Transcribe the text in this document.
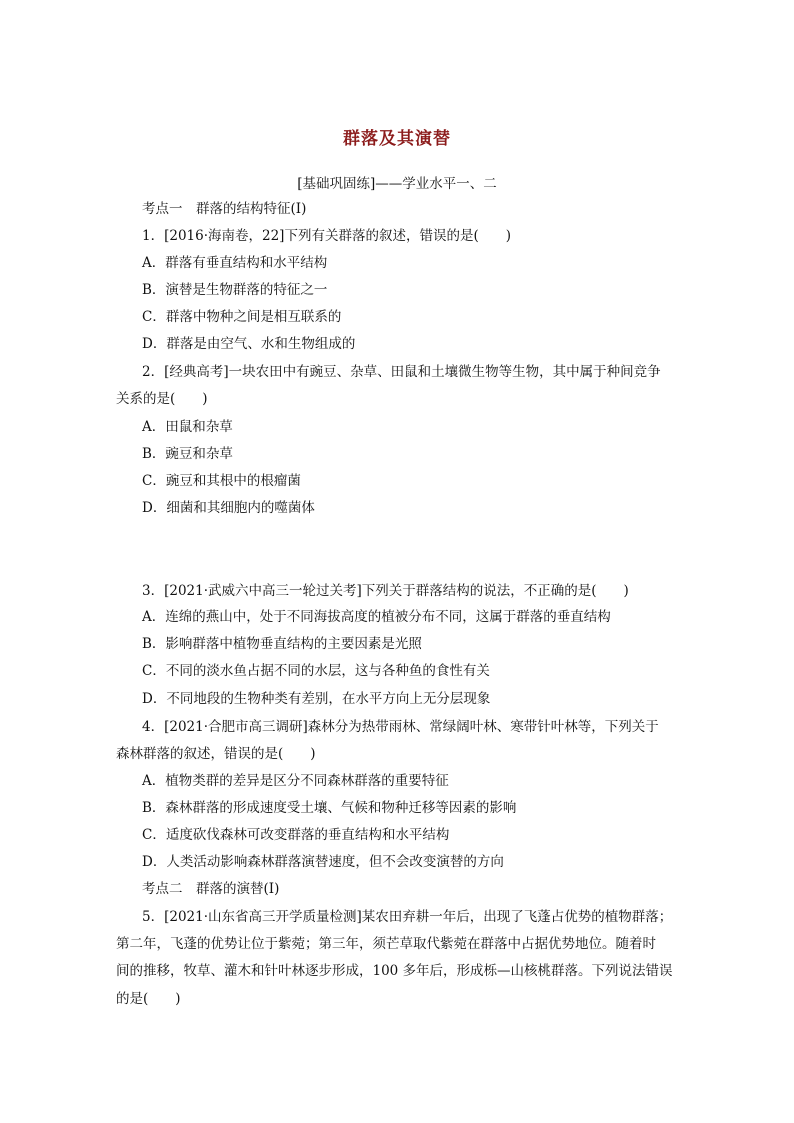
群落及其演替
[基础巩固练]——学业水平一、二
考点一　群落的结构特征(Ⅰ)
1．[2016·海南卷，22]下列有关群落的叙述，错误的是(　　)
A．群落有垂直结构和水平结构
B．演替是生物群落的特征之一
C．群落中物种之间是相互联系的
D．群落是由空气、水和生物组成的
2．[经典高考]一块农田中有豌豆、杂草、田鼠和土壤微生物等生物，其中属于种间竞争
关系的是(　　)
A．田鼠和杂草
B．豌豆和杂草
C．豌豆和其根中的根瘤菌
D．细菌和其细胞内的噬菌体
3．[2021·武威六中高三一轮过关考]下列关于群落结构的说法，不正确的是(　　)
A．连绵的燕山中，处于不同海拔高度的植被分布不同，这属于群落的垂直结构
B．影响群落中植物垂直结构的主要因素是光照
C．不同的淡水鱼占据不同的水层，这与各种鱼的食性有关
D．不同地段的生物种类有差别，在水平方向上无分层现象
4．[2021·合肥市高三调研]森林分为热带雨林、常绿阔叶林、寒带针叶林等，下列关于
森林群落的叙述，错误的是(　　)
A．植物类群的差异是区分不同森林群落的重要特征
B．森林群落的形成速度受土壤、气候和物种迁移等因素的影响
C．适度砍伐森林可改变群落的垂直结构和水平结构
D．人类活动影响森林群落演替速度，但不会改变演替的方向
考点二　群落的演替(Ⅰ)
5．[2021·山东省高三开学质量检测]某农田弃耕一年后，出现了飞蓬占优势的植物群落；
第二年，飞蓬的优势让位于紫菀；第三年，须芒草取代紫菀在群落中占据优势地位。随着时
间的推移，牧草、灌木和针叶林逐步形成，100 多年后，形成栎—山核桃群落。下列说法错误
的是(　　)
